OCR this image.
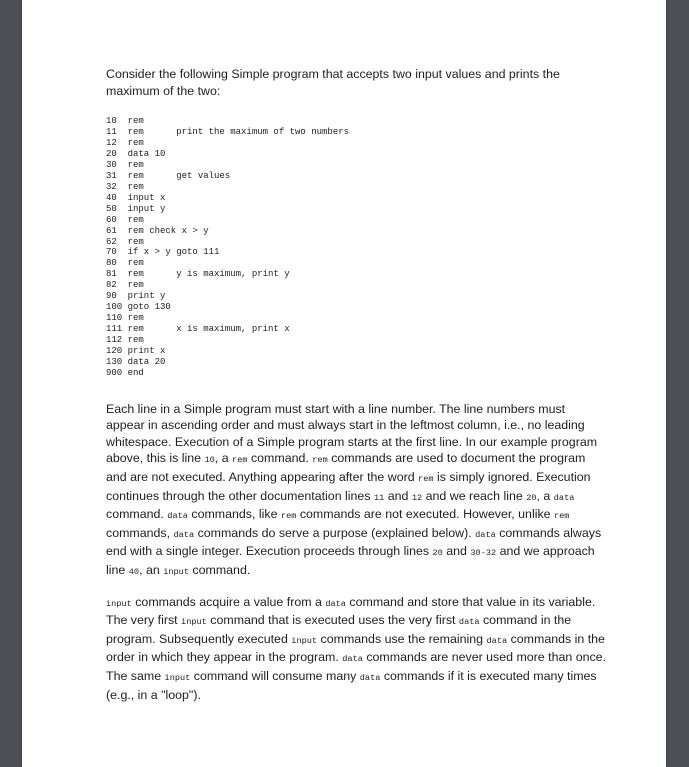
Consider the following Simple program that accepts two input values and prints the maximum of the two:

10  rem
11  rem      print the maximum of two numbers
12  rem
20  data 10
30  rem
31  rem      get values
32  rem
40  input x
50  input y
60  rem
61  rem check x > y
62  rem
70  if x > y goto 111
80  rem
81  rem      y is maximum, print y
82  rem
90  print y
100 goto 130
110 rem
111 rem      x is maximum, print x
112 rem
120 print x
130 data 20
900 end

Each line in a Simple program must start with a line number. The line numbers must appear in ascending order and must always start in the leftmost column, i.e., no leading whitespace. Execution of a Simple program starts at the first line. In our example program above, this is line 10, a rem command. rem commands are used to document the program and are not executed. Anything appearing after the word rem is simply ignored. Execution continues through the other documentation lines 11 and 12 and we reach line 20, a data command. data commands, like rem commands are not executed. However, unlike rem commands, data commands do serve a purpose (explained below). data commands always end with a single integer. Execution proceeds through lines 20 and 30-32 and we approach line 40, an input command.

input commands acquire a value from a data command and store that value in its variable. The very first input command that is executed uses the very first data command in the program. Subsequently executed input commands use the remaining data commands in the order in which they appear in the program. data commands are never used more than once. The same input command will consume many data commands if it is executed many times (e.g., in a "loop").
